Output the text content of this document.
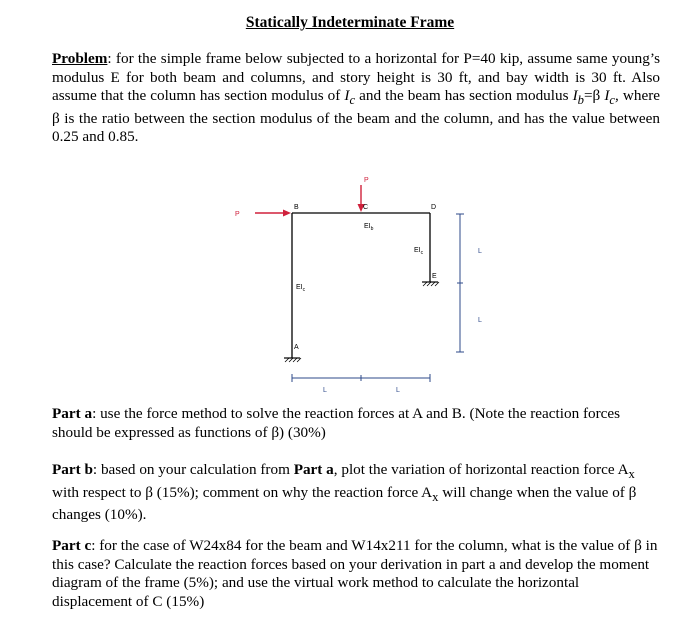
Statically Indeterminate Frame

Problem: for the simple frame below subjected to a horizontal for P=40 kip, assume same young’s modulus E for both beam and columns, and story height is 30 ft, and bay width is 30 ft. Also assume that the column has section modulus of $I_c$ and the beam has section modulus $I_b=\beta$ $I_c$, where β is the ratio between the section modulus of the beam and the column, and has the value between 0.25 and 0.85.

P
P
B	C	D
E
A
$EI_b$
$EI_c$
$EI_c$	L
L
L	L

Part a: use the force method to solve the reaction forces at A and B. (Note the reaction forces should be expressed as functions of β) (30%)

Part b: based on your calculation from Part a, plot the variation of horizontal reaction force $A_x$ with respect to β (15%); comment on why the reaction force $A_x$ will change when the value of β changes (10%).

Part c: for the case of W24x84 for the beam and W14x211 for the column, what is the value of β in this case? Calculate the reaction forces based on your derivation in part a and develop the moment diagram of the frame (5%); and use the virtual work method to calculate the horizontal displacement of C (15%)
